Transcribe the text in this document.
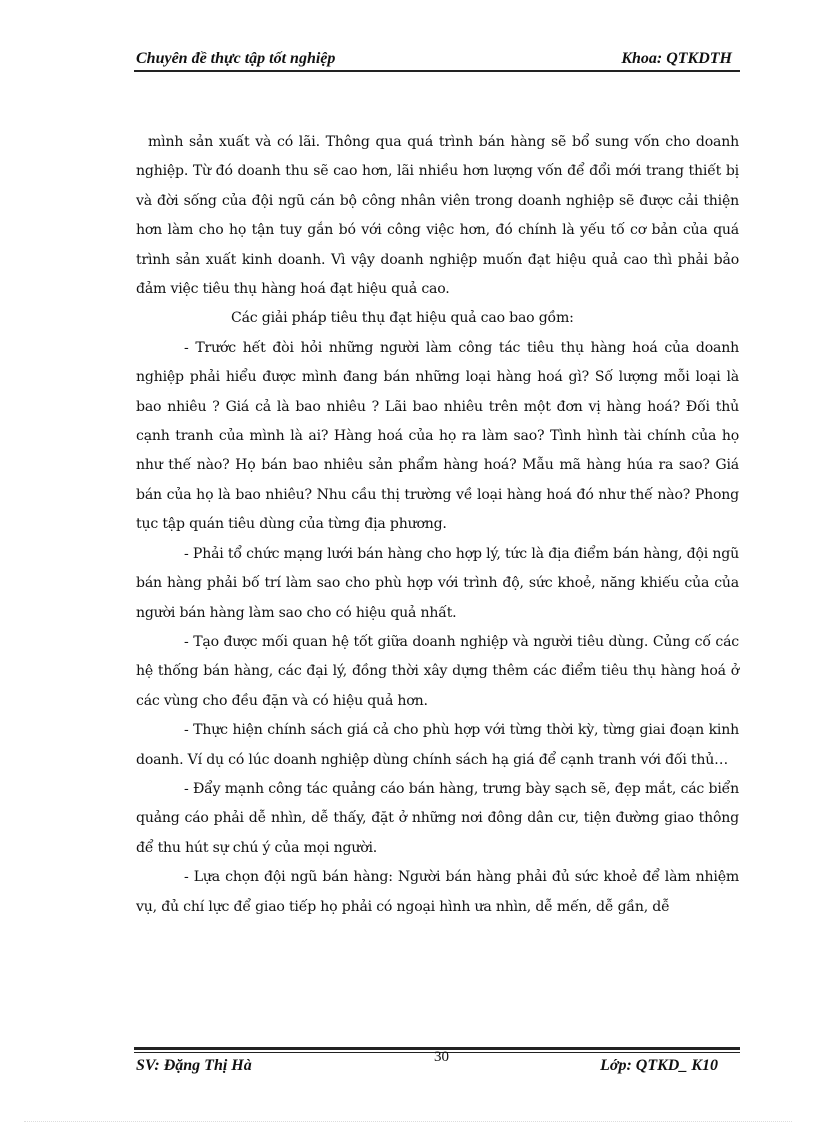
Chuyên đề thực tập tốt nghiệp	Khoa: QTKDTH

mình sản xuất và có lãi. Thông qua quá trình bán hàng sẽ bổ sung vốn cho doanh nghiệp. Từ đó doanh thu sẽ cao hơn, lãi nhiều hơn lượng vốn để đổi mới trang thiết bị và đời sống của đội ngũ cán bộ công nhân viên trong doanh nghiệp sẽ được cải thiện hơn làm cho họ tận tuy gắn bó với công việc hơn, đó chính là yếu tố cơ bản của quá trình sản xuất kinh doanh. Vì vậy doanh nghiệp muốn đạt hiệu quả cao thì phải bảo đảm việc tiêu thụ hàng hoá đạt hiệu quả cao.

Các giải pháp tiêu thụ đạt hiệu quả cao bao gồm:

- Trước hết đòi hỏi những người làm công tác tiêu thụ hàng hoá của doanh nghiệp phải hiểu được mình đang bán những loại hàng hoá gì? Số lượng mỗi loại là bao nhiêu ? Giá cả là bao nhiêu ? Lãi bao nhiêu trên một đơn vị hàng hoá? Đối thủ cạnh tranh của mình là ai? Hàng hoá của họ ra làm sao? Tình hình tài chính của họ như thế nào? Họ bán bao nhiêu sản phẩm hàng hoá? Mẫu mã hàng húa ra sao? Giá bán của họ là bao nhiêu? Nhu cầu thị trường về loại hàng hoá đó như thế nào? Phong tục tập quán tiêu dùng của từng địa phương.

- Phải tổ chức mạng lưới bán hàng cho hợp lý, tức là địa điểm bán hàng, đội ngũ bán hàng phải bố trí làm sao cho phù hợp với trình độ, sức khoẻ, năng khiếu của của người bán hàng làm sao cho có hiệu quả nhất.

- Tạo được mối quan hệ tốt giữa doanh nghiệp và người tiêu dùng. Củng cố các hệ thống bán hàng, các đại lý, đồng thời xây dựng thêm các điểm tiêu thụ hàng hoá ở các vùng cho đều đặn và có hiệu quả hơn.

- Thực hiện chính sách giá cả cho phù hợp với từng thời kỳ, từng giai đoạn kinh doanh. Ví dụ có lúc doanh nghiệp dùng chính sách hạ giá để cạnh tranh với đối thủ…

- Đẩy mạnh công tác quảng cáo bán hàng, trưng bày sạch sẽ, đẹp mắt, các biển quảng cáo phải dễ nhìn, dễ thấy, đặt ở những nơi đông dân cư, tiện đường giao thông để thu hút sự chú ý của mọi người.

- Lựa chọn đội ngũ bán hàng: Người bán hàng phải đủ sức khoẻ để làm nhiệm vụ, đủ chí lực để giao tiếp họ phải có ngoại hình ưa nhìn, dễ mến, dễ gần, dễ

SV: Đặng Thị Hà	30	Lớp: QTKD_ K10
